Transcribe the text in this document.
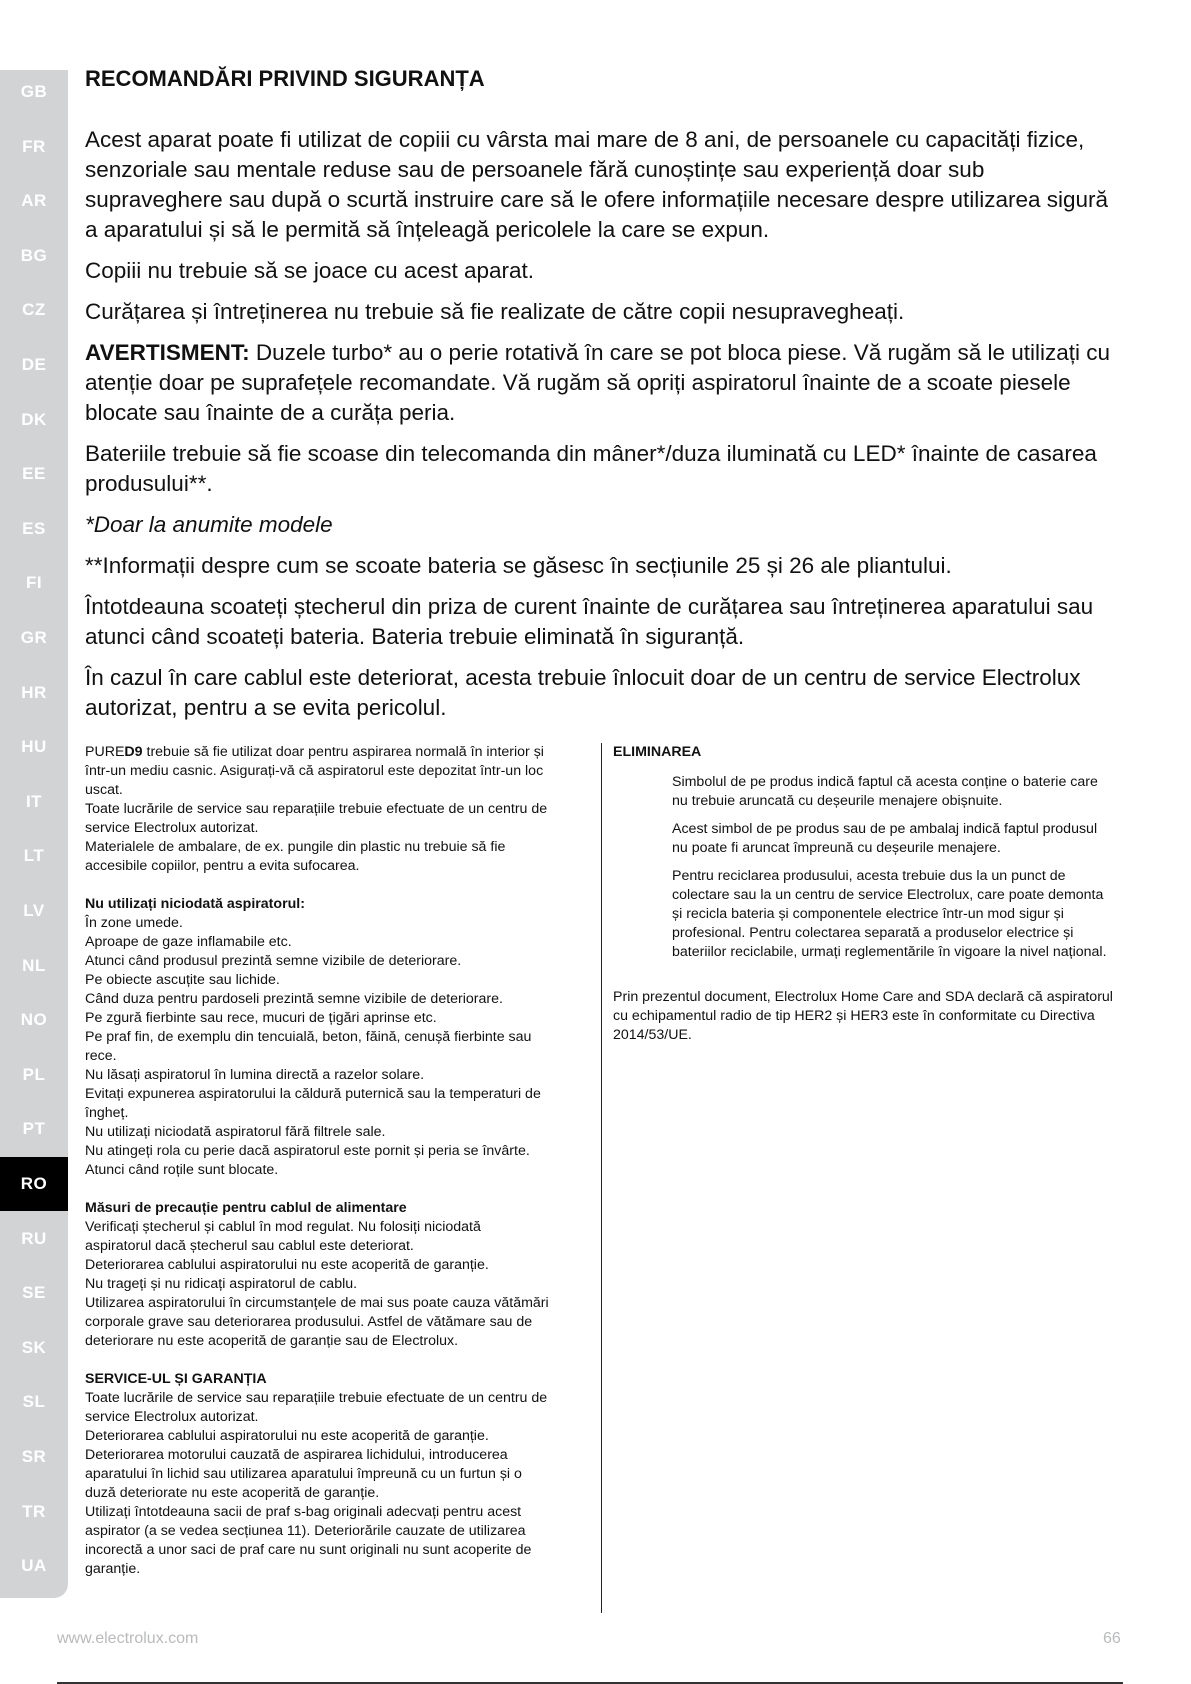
GB
FR
AR
BG
CZ
DE
DK
EE
ES
FI
GR
HR
HU
IT
LT
LV
NL
NO
PL
PT
RO
RU
SE
SK
SL
SR
TR
UA
RECOMANDĂRI PRIVIND SIGURANȚA

Acest aparat poate fi utilizat de copiii cu vârsta mai mare de 8 ani, de persoanele cu capacități fizice, senzoriale sau mentale reduse sau de persoanele fără cunoștințe sau experiență doar sub supraveghere sau după o scurtă instruire care să le ofere informațiile necesare despre utilizarea sigură a aparatului și să le permită să înțeleagă pericolele la care se expun.

Copiii nu trebuie să se joace cu acest aparat.

Curățarea și întreținerea nu trebuie să fie realizate de către copii nesupravegheați.

AVERTISMENT: Duzele turbo* au o perie rotativă în care se pot bloca piese. Vă rugăm să le utilizați cu atenție doar pe suprafețele recomandate. Vă rugăm să opriți aspiratorul înainte de a scoate piesele blocate sau înainte de a curăța peria.

Bateriile trebuie să fie scoase din telecomanda din mâner*/duza iluminată cu LED* înainte de casarea produsului**.

*Doar la anumite modele

**Informații despre cum se scoate bateria se găsesc în secțiunile 25 și 26 ale pliantului.

Întotdeauna scoateți ștecherul din priza de curent înainte de curățarea sau întreținerea aparatului sau atunci când scoateți bateria. Bateria trebuie eliminată în siguranță.

În cazul în care cablul este deteriorat, acesta trebuie înlocuit doar de un centru de service Electrolux autorizat, pentru a se evita pericolul.

PURED9 trebuie să fie utilizat doar pentru aspirarea normală în interior și
într-un mediu casnic. Asigurați-vă că aspiratorul este depozitat într-un loc
uscat.
Toate lucrările de service sau reparațiile trebuie efectuate de un centru de
service Electrolux autorizat.
Materialele de ambalare, de ex. pungile din plastic nu trebuie să fie
accesibile copiilor, pentru a evita sufocarea.
Nu utilizați niciodată aspiratorul:
În zone umede.
Aproape de gaze inflamabile etc.
Atunci când produsul prezintă semne vizibile de deteriorare.
Pe obiecte ascuțite sau lichide.
Când duza pentru pardoseli prezintă semne vizibile de deteriorare.
Pe zgură fierbinte sau rece, mucuri de țigări aprinse etc.
Pe praf fin, de exemplu din tencuială, beton, făină, cenușă fierbinte sau
rece.
Nu lăsați aspiratorul în lumina directă a razelor solare.
Evitați expunerea aspiratorului la căldură puternică sau la temperaturi de
îngheț.
Nu utilizați niciodată aspiratorul fără filtrele sale.
Nu atingeți rola cu perie dacă aspiratorul este pornit și peria se învârte.
Atunci când roțile sunt blocate.
Măsuri de precauție pentru cablul de alimentare
Verificați ștecherul și cablul în mod regulat. Nu folosiți niciodată
aspiratorul dacă ștecherul sau cablul este deteriorat.
Deteriorarea cablului aspiratorului nu este acoperită de garanție.
Nu trageți și nu ridicați aspiratorul de cablu.
Utilizarea aspiratorului în circumstanțele de mai sus poate cauza vătămări
corporale grave sau deteriorarea produsului. Astfel de vătămare sau de
deteriorare nu este acoperită de garanție sau de Electrolux.
SERVICE-UL ȘI GARANȚIA
Toate lucrările de service sau reparațiile trebuie efectuate de un centru de
service Electrolux autorizat.
Deteriorarea cablului aspiratorului nu este acoperită de garanție.
Deteriorarea motorului cauzată de aspirarea lichidului, introducerea
aparatului în lichid sau utilizarea aparatului împreună cu un furtun și o
duză deteriorate nu este acoperită de garanție.
Utilizați întotdeauna sacii de praf s-bag originali adecvați pentru acest
aspirator (a se vedea secțiunea 11). Deteriorările cauzate de utilizarea
incorectă a unor saci de praf care nu sunt originali nu sunt acoperite de
garanție.
ELIMINAREA
Simbolul de pe produs indică faptul că acesta conține o baterie care nu trebuie aruncată cu deșeurile menajere obișnuite.
Acest simbol de pe produs sau de pe ambalaj indică faptul produsul nu poate fi aruncat împreună cu deșeurile menajere.
Pentru reciclarea produsului, acesta trebuie dus la un punct de colectare sau la un centru de service Electrolux, care poate demonta și recicla bateria și componentele electrice într-un mod sigur și profesional. Pentru colectarea separată a produselor electrice și bateriilor reciclabile, urmați reglementările în vigoare la nivel național.
Prin prezentul document, Electrolux Home Care and SDA declară că aspiratorul cu echipamentul radio de tip HER2 și HER3 este în conformitate cu Directiva 2014/53/UE.
www.electrolux.com	66
